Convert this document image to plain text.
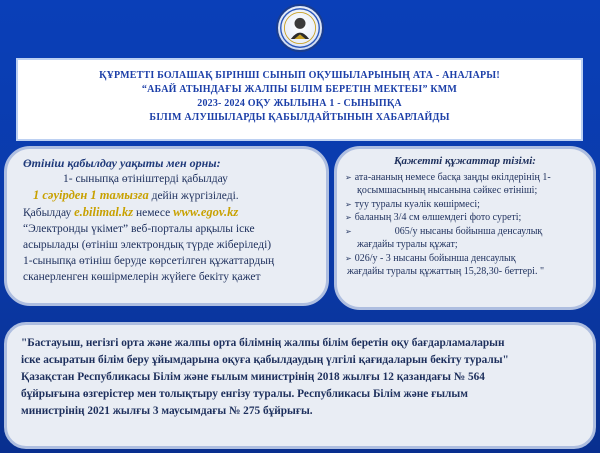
ҚҰРМЕТТІ БОЛАШАҚ БІРІНШІ СЫНЫП ОҚУШЫЛАРЫНЫҢ АТА - АНАЛАРЫ!
“АБАЙ АТЫНДАҒЫ ЖАЛПЫ БІЛІМ БЕРЕТІН МЕКТЕБІ” КММ
2023- 2024 ОҚУ ЖЫЛЫНА 1 - СЫНЫПҚА
БІЛІМ АЛУШЫЛАРДЫ ҚАБЫЛДАЙТЫНЫН ХАБАРЛАЙДЫ
Өтініш қабылдау уақыты мен орны:
1- сыныпқа өтініштерді қабылдау
1 сәуірден 1 тамызға дейін жүргізіледі.
Қабылдау e.bilimal.kz немесе www.egov.kz
“Электронды үкімет” веб-порталы арқылы іске
асырылады (өтініш электрондық түрде жіберіледі)
1-сыныпқа өтініш беруде көрсетілген құжаттардың
сканерленген көшірмелерін жүйеге бекіту қажет
Қажетті құжаттар тізімі:
➢ ата-ананың немесе басқа заңды өкілдерінің 1-
қосымшасының нысанына сәйкес өтініші;
➢ туу туралы куәлік көшірмесі;
➢ баланың 3/4 см өлшемдегі фото суреті;
➢	065/у нысаны бойынша денсаулық
жағдайы туралы құжат;
➢ 026/у - 3 нысаны бойынша денсаулық
жағдайы туралы құжаттың 15,28,30- беттері. "
"Бастауыш, негізгі орта және жалпы орта білімнің жалпы білім беретін оқу бағдарламаларын
іске асыратын білім беру ұйымдарына оқуға қабылдаудың үлгілі қағидаларын бекіту туралы"
Қазақстан Республикасы Білім және ғылым министрінің 2018 жылғы 12 қазандағы № 564
бұйрығына өзгерістер мен толықтыру енгізу туралы. Республикасы Білім және ғылым
министрінің 2021 жылғы 3 маусымдағы № 275 бұйрығы.
